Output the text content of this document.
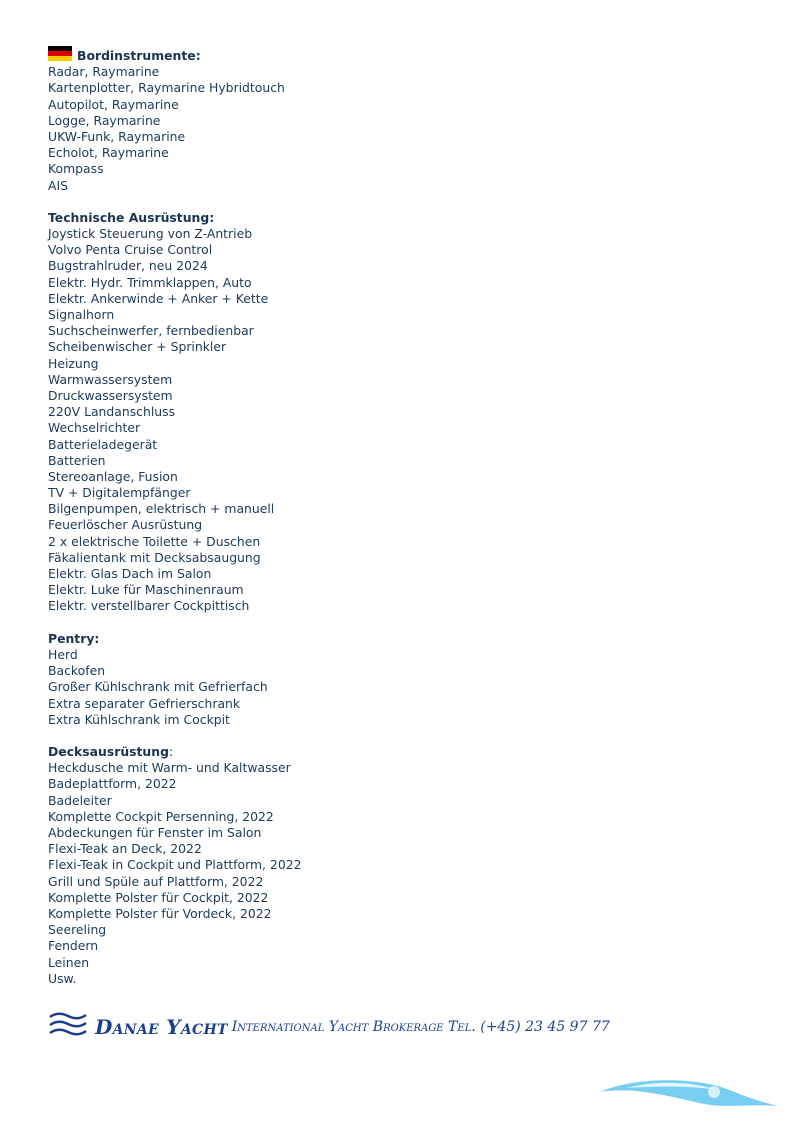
Bordinstrumente:
Radar, Raymarine
Kartenplotter, Raymarine Hybridtouch
Autopilot, Raymarine
Logge, Raymarine
UKW-Funk, Raymarine
Echolot, Raymarine
Kompass
AIS
Technische Ausrüstung:
Joystick Steuerung von Z-Antrieb
Volvo Penta Cruise Control
Bugstrahlruder, neu 2024
Elektr. Hydr. Trimmklappen, Auto
Elektr. Ankerwinde + Anker + Kette
Signalhorn
Suchscheinwerfer, fernbedienbar
Scheibenwischer + Sprinkler
Heizung
Warmwassersystem
Druckwassersystem
220V Landanschluss
Wechselrichter
Batterieladegerät
Batterien
Stereoanlage, Fusion
TV + Digitalempfänger
Bilgenpumpen, elektrisch + manuell
Feuerlöscher Ausrüstung
2 x elektrische Toilette + Duschen
Fäkalientank mit Decksabsaugung
Elektr. Glas Dach im Salon
Elektr. Luke für Maschinenraum
Elektr. verstellbarer Cockpittisch
Pentry:
Herd
Backofen
Großer Kühlschrank mit Gefrierfach
Extra separater Gefrierschrank
Extra Kühlschrank im Cockpit
Decksausrüstung :
Heckdusche mit Warm- und Kaltwasser
Badeplattform, 2022
Badeleiter
Komplette Cockpit Persenning, 2022
Abdeckungen für Fenster im Salon
Flexi-Teak an Deck, 2022
Flexi-Teak in Cockpit und Plattform, 2022
Grill und Spüle auf Plattform, 2022
Komplette Polster für Cockpit, 2022
Komplette Polster für Vordeck, 2022
Seereling
Fendern
Leinen
Usw.
Danae Yacht International Yacht Brokerage Tel. (+45) 23 45 97 77
